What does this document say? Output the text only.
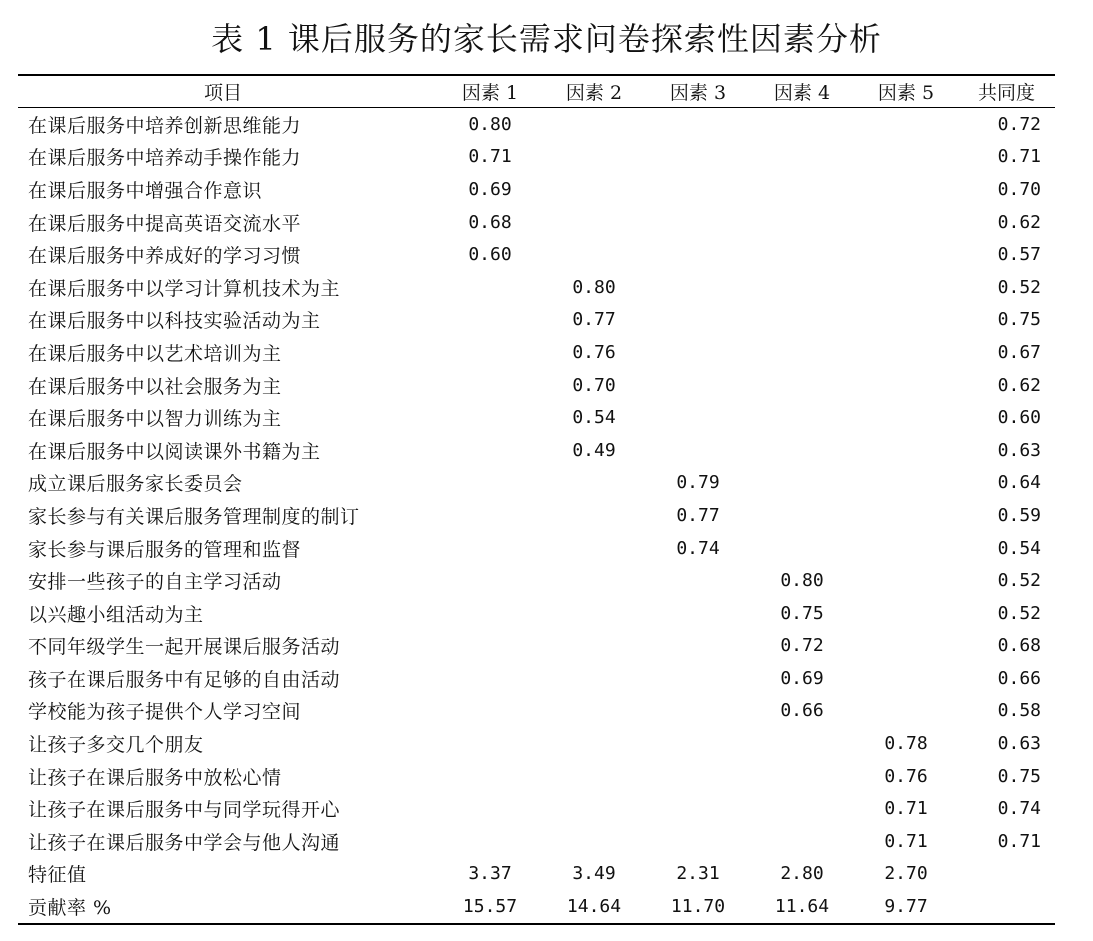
表 1 课后服务的家长需求问卷探索性因素分析
项目	因素 1	因素 2	因素 3	因素 4	因素 5	共同度
在课后服务中培养创新思维能力	0.80					0.72
在课后服务中培养动手操作能力	0.71					0.71
在课后服务中增强合作意识	0.69					0.70
在课后服务中提高英语交流水平	0.68					0.62
在课后服务中养成好的学习习惯	0.60					0.57
在课后服务中以学习计算机技术为主		0.80				0.52
在课后服务中以科技实验活动为主		0.77				0.75
在课后服务中以艺术培训为主		0.76				0.67
在课后服务中以社会服务为主		0.70				0.62
在课后服务中以智力训练为主		0.54				0.60
在课后服务中以阅读课外书籍为主		0.49				0.63
成立课后服务家长委员会			0.79			0.64
家长参与有关课后服务管理制度的制订			0.77			0.59
家长参与课后服务的管理和监督			0.74			0.54
安排一些孩子的自主学习活动				0.80		0.52
以兴趣小组活动为主				0.75		0.52
不同年级学生一起开展课后服务活动				0.72		0.68
孩子在课后服务中有足够的自由活动				0.69		0.66
学校能为孩子提供个人学习空间				0.66		0.58
让孩子多交几个朋友					0.78	0.63
让孩子在课后服务中放松心情					0.76	0.75
让孩子在课后服务中与同学玩得开心					0.71	0.74
让孩子在课后服务中学会与他人沟通					0.71	0.71
特征值	3.37	3.49	2.31	2.80	2.70	
贡献率 %	15.57	14.64	11.70	11.64	9.77	
